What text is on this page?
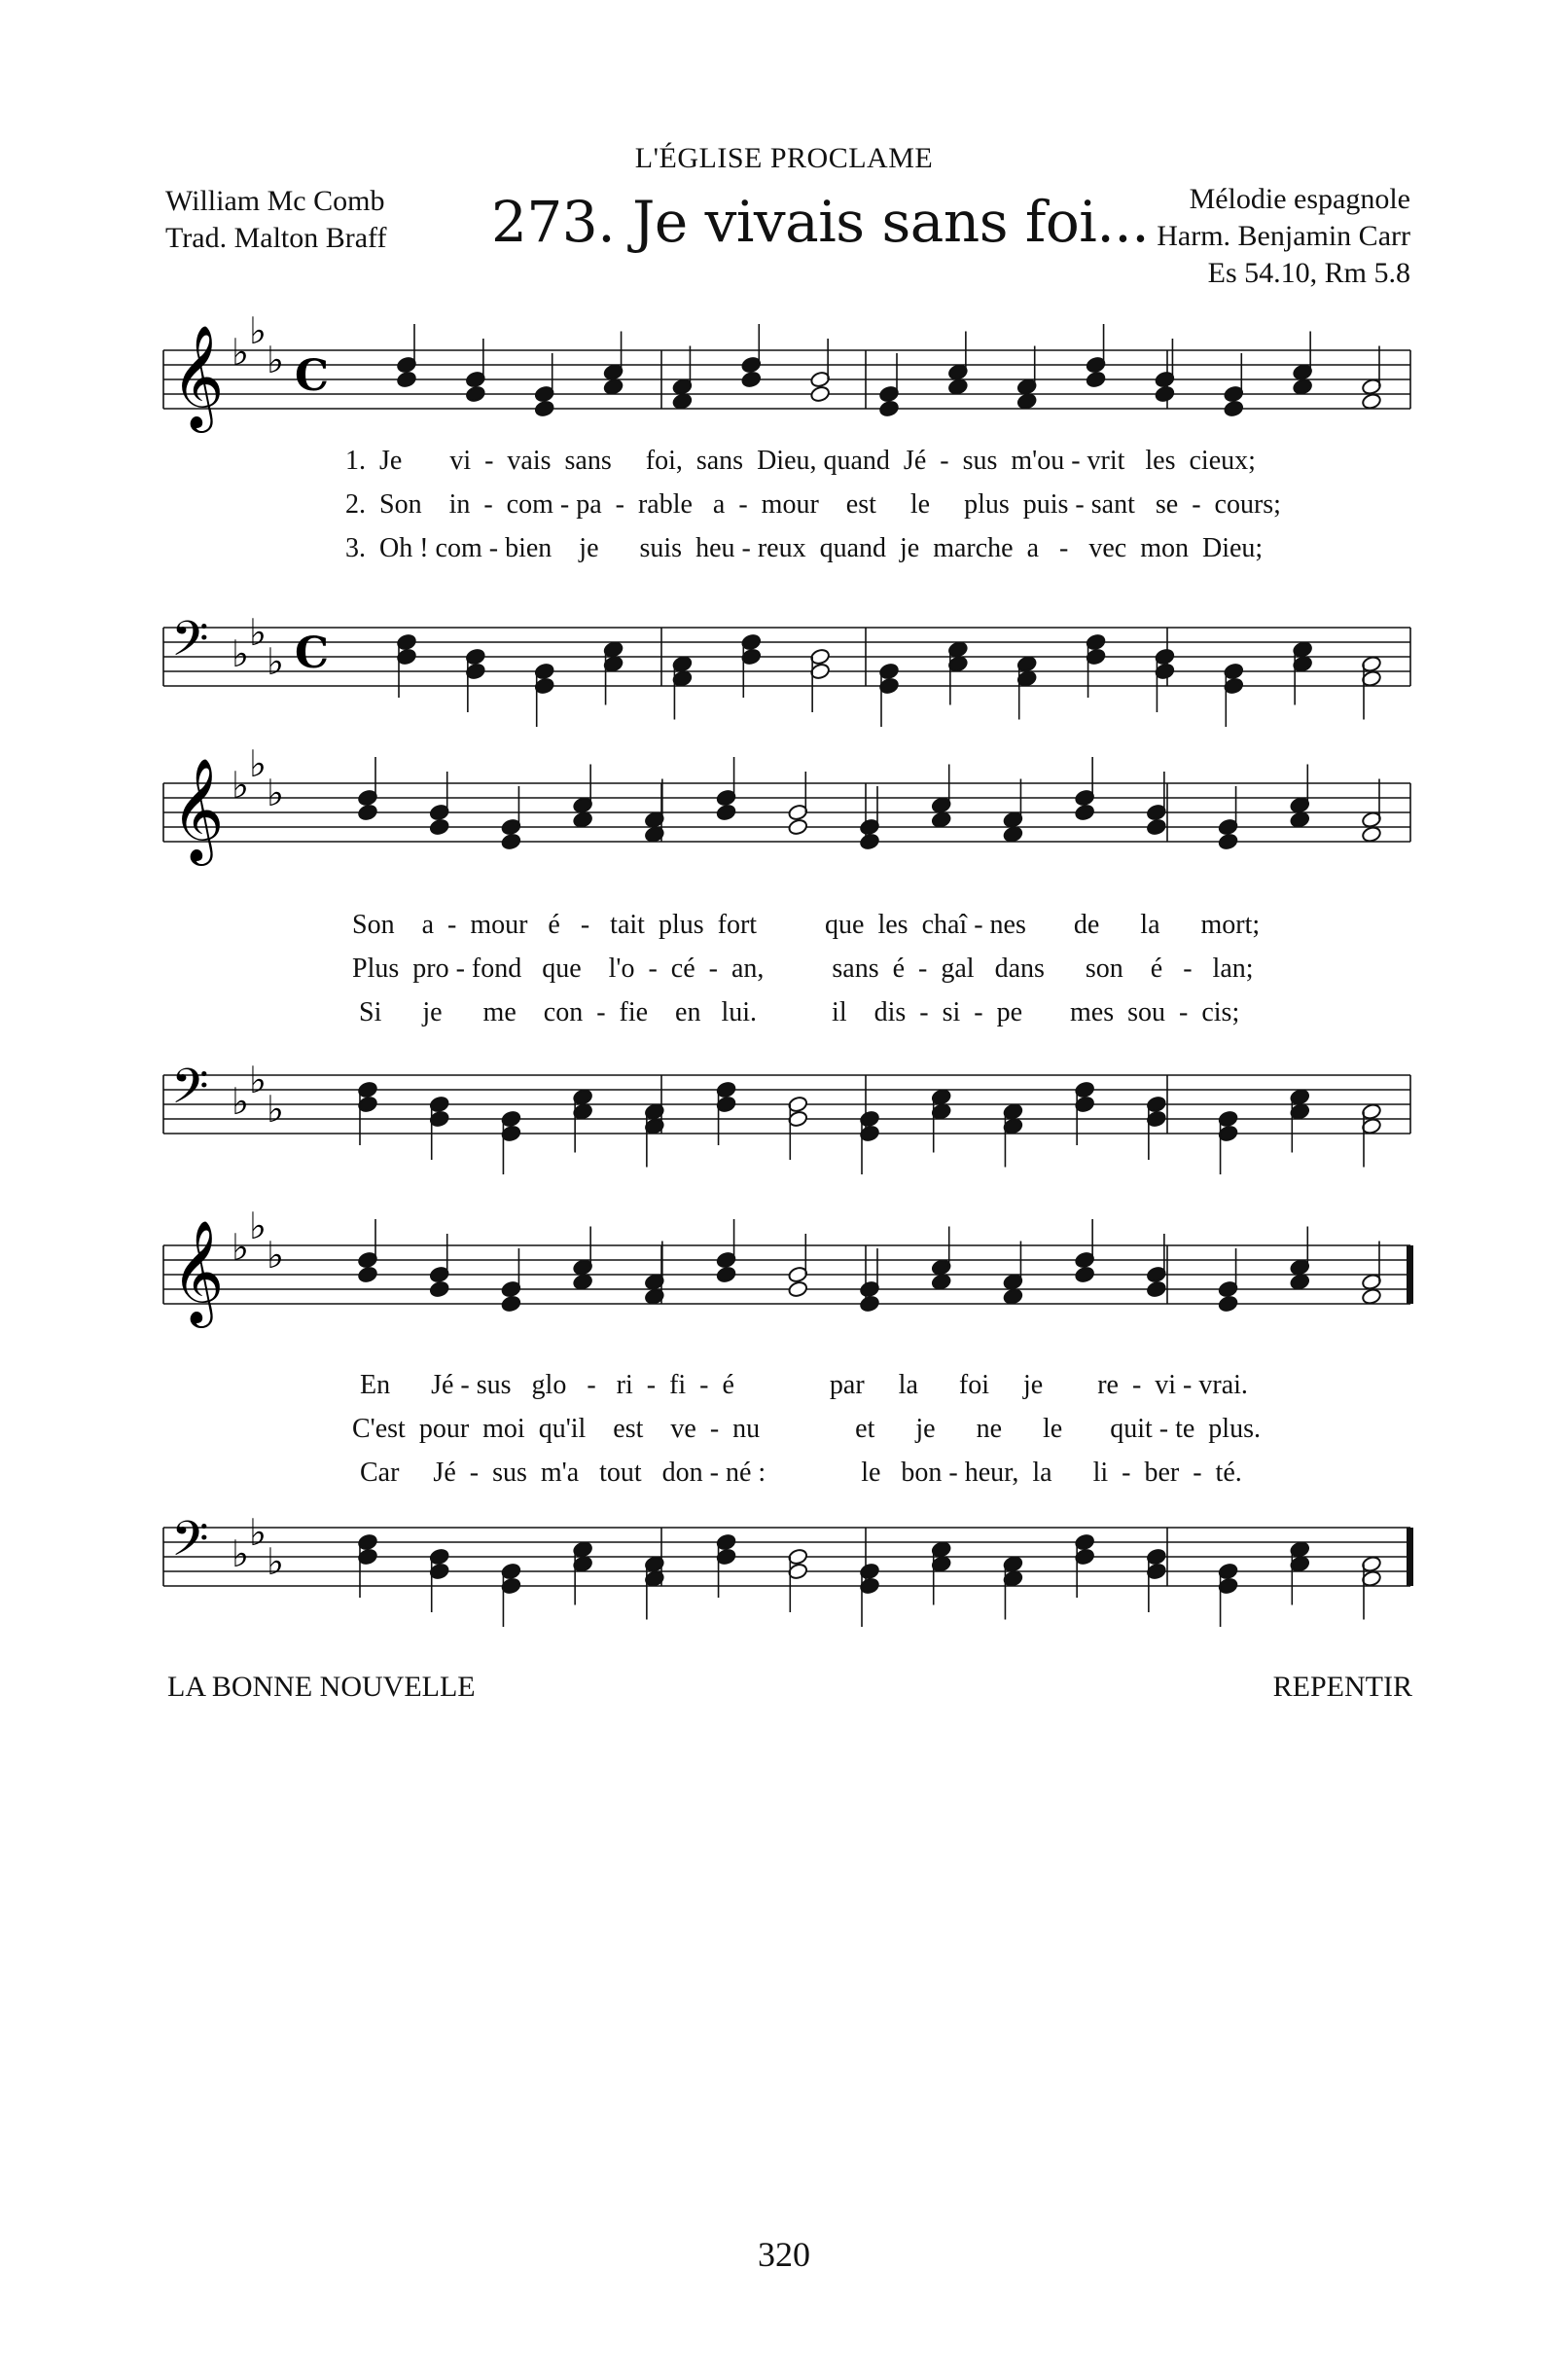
L'ÉGLISE PROCLAME
William Mc Comb
Trad. Malton Braff 273. Je vivais sans foi...	Mélodie espagnole
Harm. Benjamin Carr
Es 54.10, Rm 5.8
𝄞 ♭ ♭
♭ C
1.  Je       vi  -  vais  sans     foi,  sans  Dieu, quand  Jé  -  sus  m'ou - vrit   les  cieux;
2.  Son    in  -  com - pa  -  rable   a  -  mour    est     le     plus  puis - sant   se  -  cours;
3.  Oh ! com - bien    je      suis  heu - reux  quand  je  marche  a   -   vec  mon  Dieu;
𝄢 ♭ ♭
♭ C
𝄞 ♭ ♭
♭
Son    a  -  mour   é   -   tait  plus  fort          que  les  chaî - nes       de      la      mort;
Plus  pro - fond   que    l'o  -  cé  -  an,          sans  é  -  gal   dans      son    é   -   lan;
Si      je      me    con  -  fie    en   lui.           il    dis  -  si  -  pe       mes  sou  -  cis;
𝄢 ♭ ♭
♭
𝄞 ♭ ♭
♭
En      Jé - sus   glo   -   ri  -  fi  -  é              par     la      foi     je        re  -  vi - vrai.
C'est  pour  moi  qu'il    est    ve  -  nu              et      je      ne      le       quit - te  plus.
Car     Jé  -  sus  m'a   tout   don - né :              le   bon - heur,  la      li  -  ber  -  té.
𝄢 ♭ ♭
♭
LA BONNE NOUVELLE	REPENTIR
320
